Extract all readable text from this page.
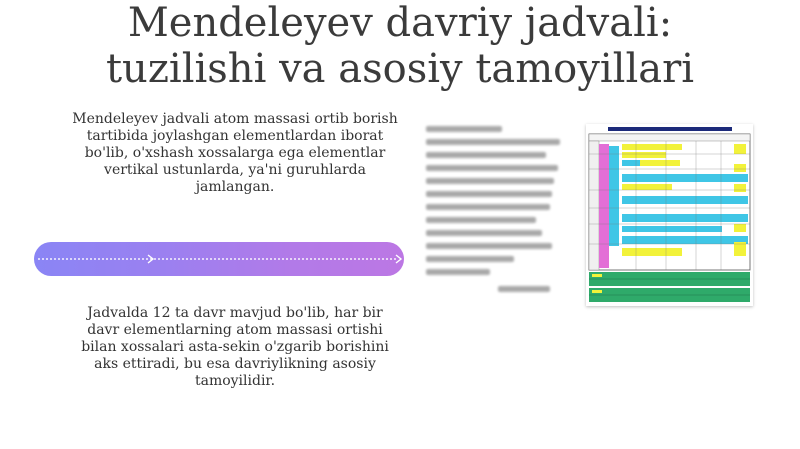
Mendeleyev davriy jadvali:
tuzilishi va asosiy tamoyillari

Mendeleyev jadvali atom massasi ortib borish tartibida joylashgan elementlardan iborat bo'lib, o'xshash xossalarga ega elementlar vertikal ustunlarda, ya'ni guruhlarda jamlangan.

Jadvalda 12 ta davr mavjud bo'lib, har bir davr elementlarning atom massasi ortishi bilan xossalari asta-sekin o'zgarib borishini aks ettiradi, bu esa davriylikning asosiy tamoyilidir.
